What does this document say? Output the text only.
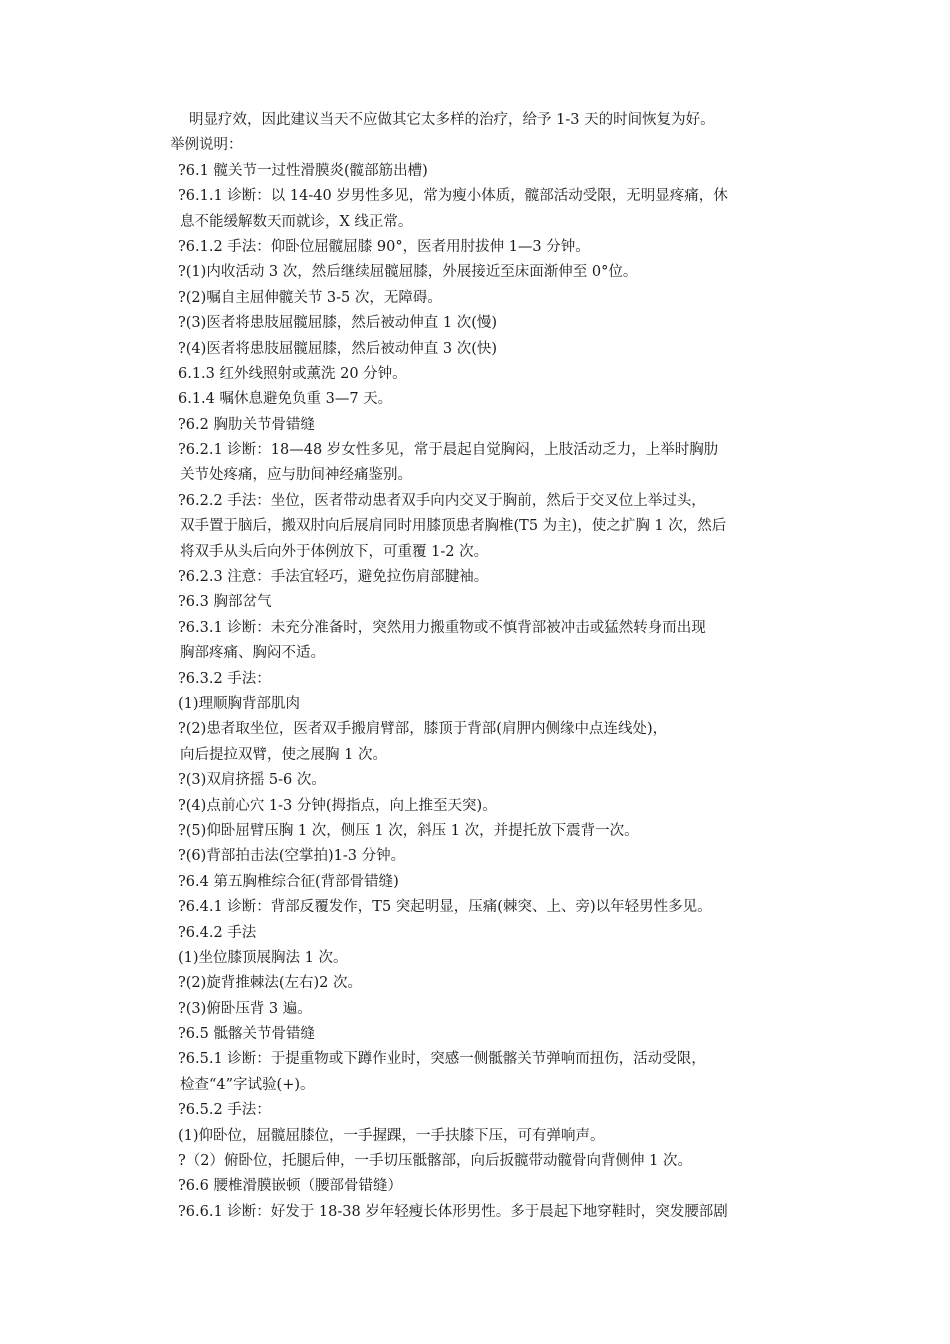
明显疗效，因此建议当天不应做其它太多样的治疗，给予 1-3 天的时间恢复为好。
举例说明：
?6.1 髋关节一过性滑膜炎(髋部筋出槽)
?6.1.1 诊断：以 14-40 岁男性多见，常为瘦小体质，髋部活动受限，无明显疼痛，休
息不能缓解数天而就诊，X 线正常。
?6.1.2 手法：仰卧位屈髋屈膝 90°，医者用肘拔伸 1—3 分钟。
?(1)内收活动 3 次，然后继续屈髋屈膝，外展接近至床面渐伸至 0°位。
?(2)嘱自主屈伸髋关节 3-5 次，无障碍。
?(3)医者将患肢屈髋屈膝，然后被动伸直 1 次(慢)
?(4)医者将患肢屈髋屈膝，然后被动伸直 3 次(快)
6.1.3 红外线照射或薰洗 20 分钟。
6.1.4 嘱休息避免负重 3—7 天。
?6.2 胸肋关节骨错缝
?6.2.1 诊断：18—48 岁女性多见，常于晨起自觉胸闷，上肢活动乏力，上举时胸肋
关节处疼痛，应与肋间神经痛鉴别。
?6.2.2 手法：坐位，医者带动患者双手向内交叉于胸前，然后于交叉位上举过头，
双手置于脑后，搬双肘向后展肩同时用膝顶患者胸椎(T5 为主)，使之扩胸 1 次，然后
将双手从头后向外于体例放下，可重覆 1-2 次。
?6.2.3 注意：手法宜轻巧，避免拉伤肩部腱袖。
?6.3 胸部岔气
?6.3.1 诊断：未充分准备时，突然用力搬重物或不慎背部被冲击或猛然转身而出现
胸部疼痛、胸闷不适。
?6.3.2 手法：
(1)理顺胸背部肌肉
?(2)患者取坐位，医者双手搬肩臂部，膝顶于背部(肩胛内侧缘中点连线处)，
向后提拉双臂，使之展胸 1 次。
?(3)双肩挤摇 5-6 次。
?(4)点前心穴 1-3 分钟(拇指点，向上推至天突)。
?(5)仰卧屈臂压胸 1 次，侧压 1 次，斜压 1 次，并提托放下震背一次。
?(6)背部拍击法(空掌拍)1-3 分钟。
?6.4 第五胸椎综合征(背部骨错缝)
?6.4.1 诊断：背部反覆发作，T5 突起明显，压痛(棘突、上、旁)以年轻男性多见。
?6.4.2 手法
(1)坐位膝顶展胸法 1 次。
?(2)旋背推棘法(左右)2 次。
?(3)俯卧压背 3 遍。
?6.5 骶髂关节骨错缝
?6.5.1 诊断：于提重物或下蹲作业时，突感一侧骶髂关节弹响而扭伤，活动受限，
检查“4”字试验(+)。
?6.5.2 手法：
(1)仰卧位，屈髋屈膝位，一手握踝，一手扶膝下压，可有弹响声。
?（2）俯卧位，托腿后伸，一手切压骶髂部，向后扳髋带动髋骨向背侧伸 1 次。
?6.6 腰椎滑膜嵌顿（腰部骨错缝）
?6.6.1 诊断：好发于 18-38 岁年轻瘦长体形男性。多于晨起下地穿鞋时，突发腰部剧
